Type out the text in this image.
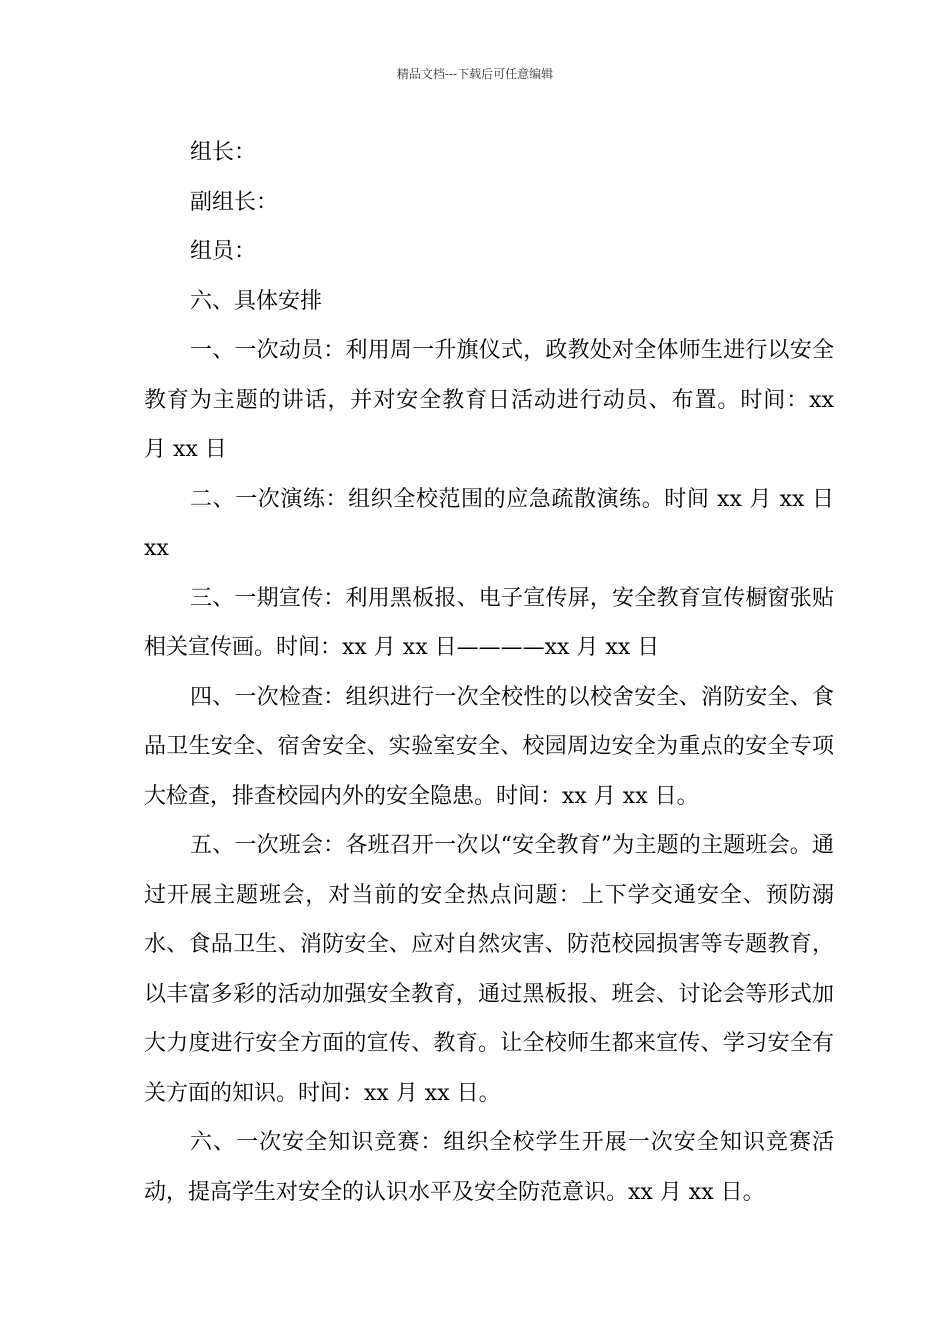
精品文档---下载后可任意编辑

组长：

副组长：

组员：

六、具体安排

一、一次动员：利用周一升旗仪式，政教处对全体师生进行以安全教育为主题的讲话，并对安全教育日活动进行动员、布置。时间：xx 月 xx 日

二、一次演练：组织全校范围的应急疏散演练。时间 xx 月 xx 日 xx

三、一期宣传：利用黑板报、电子宣传屏，安全教育宣传橱窗张贴相关宣传画。时间：xx 月 xx 日————xx 月 xx 日

四、一次检查：组织进行一次全校性的以校舍安全、消防安全、食品卫生安全、宿舍安全、实验室安全、校园周边安全为重点的安全专项大检查，排查校园内外的安全隐患。时间：xx 月 xx 日。

五、一次班会：各班召开一次以“安全教育”为主题的主题班会。通过开展主题班会，对当前的安全热点问题：上下学交通安全、预防溺水、食品卫生、消防安全、应对自然灾害、防范校园损害等专题教育，以丰富多彩的活动加强安全教育，通过黑板报、班会、讨论会等形式加大力度进行安全方面的宣传、教育。让全校师生都来宣传、学习安全有关方面的知识。时间：xx 月 xx 日。

六、一次安全知识竞赛：组织全校学生开展一次安全知识竞赛活动，提高学生对安全的认识水平及安全防范意识。xx 月 xx 日。
